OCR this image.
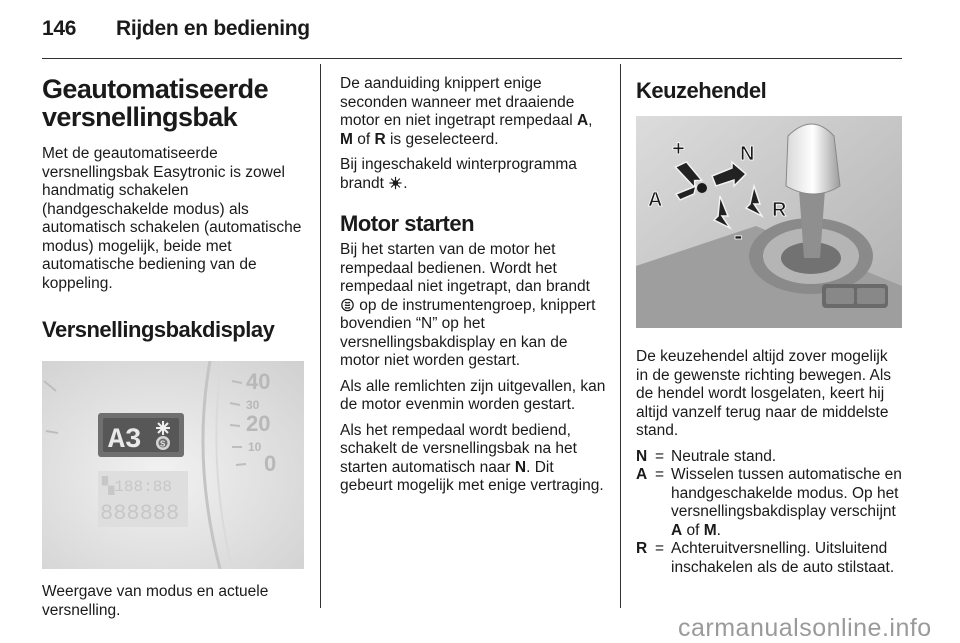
146 Rijden en bediening
Geautomatiseerde versnellingsbak

Met de geautomatiseerde versnellingsbak Easytronic is zowel handmatig schakelen (handgeschakelde modus) als automatisch schakelen (automatische modus) mogelijk, beide met automatische bediening van de koppeling.

Versnellingsbakdisplay
40
30
20
10
0
A3 S
▚188:88
888888

Weergave van modus en actuele versnelling.

De aanduiding knippert enige seconden wanneer met draaiende motor en niet ingetrapt rempedaal A, M of R is geselecteerd.

Bij ingeschakeld winterprogramma brandt .

Motor starten

Bij het starten van de motor het rempedaal bedienen. Wordt het rempedaal niet ingetrapt, dan brandt  op de instrumentengroep, knippert bovendien “N” op het versnellingsbakdisplay en kan de motor niet worden gestart.

Als alle remlichten zijn uitgevallen, kan de motor evenmin worden gestart.

Als het rempedaal wordt bediend, schakelt de versnellingsbak na het starten automatisch naar N. Dit gebeurt mogelijk met enige vertraging.

Keuzehendel
+
-
N
A	R

De keuzehendel altijd zover mogelijk in de gewenste richting bewegen. Als de hendel wordt losgelaten, keert hij altijd vanzelf terug naar de middelste stand.

N = Neutrale stand.
A = Wisselen tussen automatische en handgeschakelde modus. Op het versnellingsbakdisplay verschijnt A of M.
R = Achteruitversnelling. Uitsluitend inschakelen als de auto stilstaat.
carmanualsonline.info
